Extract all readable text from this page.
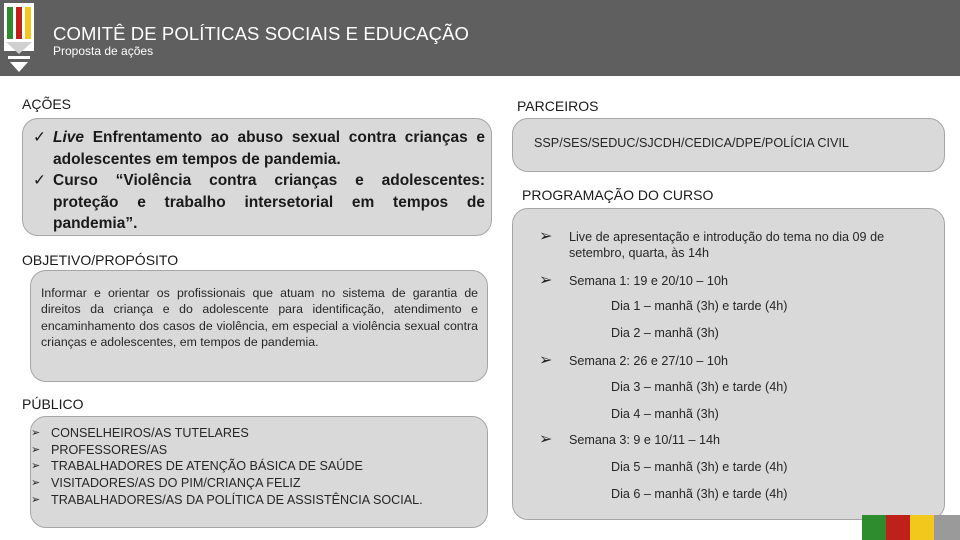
COMITÊ DE POLÍTICAS SOCIAIS E EDUCAÇÃO
Proposta de ações
AÇÕES
✓ Live Enfrentamento ao abuso sexual contra crianças e adolescentes em tempos de pandemia.
✓ Curso “Violência contra crianças e adolescentes: proteção e trabalho intersetorial em tempos de pandemia”.
OBJETIVO/PROPÓSITO
Informar e orientar os profissionais que atuam no sistema de garantia de direitos da criança e do adolescente para identificação, atendimento e encaminhamento dos casos de violência, em especial a violência sexual contra crianças e adolescentes, em tempos de pandemia.
PÚBLICO
➢ CONSELHEIROS/AS TUTELARES
➢ PROFESSORES/AS
➢ TRABALHADORES DE ATENÇÃO BÁSICA DE SAÚDE
➢ VISITADORES/AS DO PIM/CRIANÇA FELIZ
➢ TRABALHADORES/AS DA POLÍTICA DE ASSISTÊNCIA SOCIAL.
PARCEIROS
SSP/SES/SEDUC/SJCDH/CEDICA/DPE/POLÍCIA CIVIL
PROGRAMAÇÃO DO CURSO
➢ Live de apresentação e introdução do tema no dia 09 de
setembro, quarta, às 14h
➢ Semana 1: 19 e 20/10 – 10h
Dia 1 – manhã (3h) e tarde (4h)
Dia 2 – manhã (3h)
➢ Semana 2: 26 e 27/10 – 10h
Dia 3 – manhã (3h) e tarde (4h)
Dia 4 – manhã (3h)
➢ Semana 3: 9 e 10/11 – 14h
Dia 5 – manhã (3h) e tarde (4h)
Dia 6 – manhã (3h) e tarde (4h)
